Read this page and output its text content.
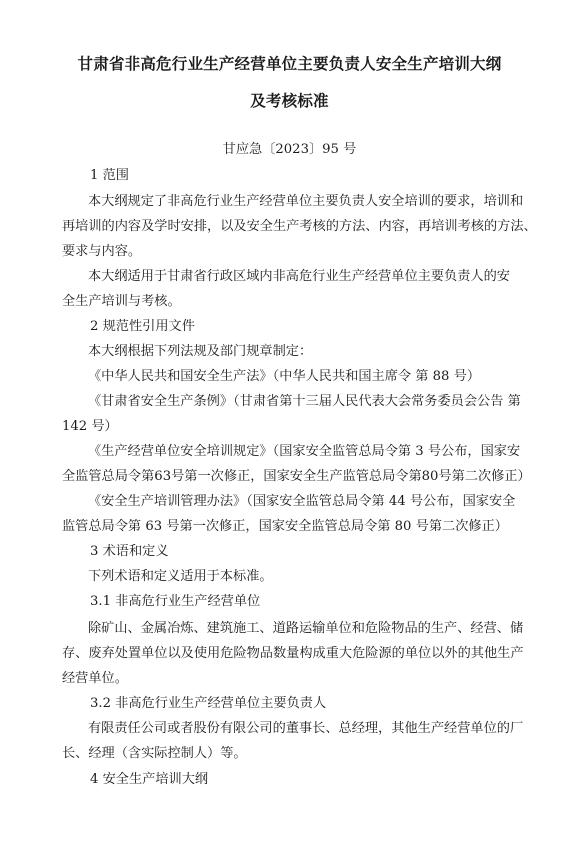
甘肃省非高危行业生产经营单位主要负责人安全生产培训大纲
及考核标准
甘应急〔2023〕95 号
1 范围
本大纲规定了非高危行业生产经营单位主要负责人安全培训的要求，培训和
再培训的内容及学时安排，以及安全生产考核的方法、内容，再培训考核的方法、
要求与内容。
本大纲适用于甘肃省行政区域内非高危行业生产经营单位主要负责人的安
全生产培训与考核。
2 规范性引用文件
本大纲根据下列法规及部门规章制定：
《中华人民共和国安全生产法》（中华人民共和国主席令 第 88 号）
《甘肃省安全生产条例》（甘肃省第十三届人民代表大会常务委员会公告 第
142 号）
《生产经营单位安全培训规定》（国家安全监管总局令第 3 号公布，国家安
全监管总局令第63号第一次修正，国家安全生产监管总局令第80号第二次修正）
《安全生产培训管理办法》（国家安全监管总局令第 44 号公布，国家安全
监管总局令第 63 号第一次修正，国家安全监管总局令第 80 号第二次修正）
3 术语和定义
下列术语和定义适用于本标准。
3.1 非高危行业生产经营单位
除矿山、金属冶炼、建筑施工、道路运输单位和危险物品的生产、经营、储
存、废弃处置单位以及使用危险物品数量构成重大危险源的单位以外的其他生产
经营单位。
3.2 非高危行业生产经营单位主要负责人
有限责任公司或者股份有限公司的董事长、总经理，其他生产经营单位的厂
长、经理（含实际控制人）等。
4 安全生产培训大纲
